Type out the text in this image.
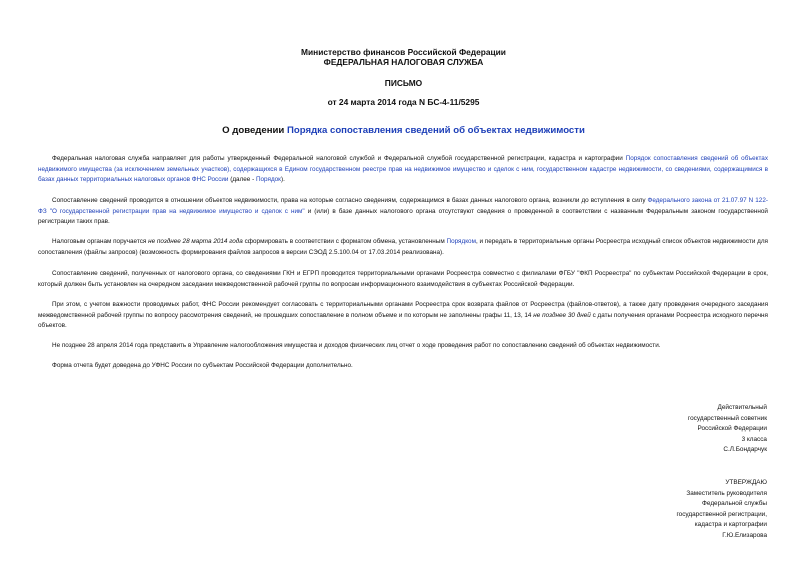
Министерство финансов Российской Федерации
ФЕДЕРАЛЬНАЯ НАЛОГОВАЯ СЛУЖБА
ПИСЬМО
от 24 марта 2014 года N БС-4-11/5295
О доведении Порядка сопоставления сведений об объектах недвижимости

Федеральная налоговая служба направляет для работы утвержденный Федеральной налоговой службой и Федеральной службой государственной регистрации, кадастра и картографии Порядок сопоставления сведений об объектах недвижимого имущества (за исключением земельных участков), содержащихся в Едином государственном реестре прав на недвижимое имущество и сделок с ним, государственном кадастре недвижимости, со сведениями, содержащимися в базах данных территориальных налоговых органов ФНС России (далее - Порядок).

Сопоставление сведений проводится в отношении объектов недвижимости, права на которые согласно сведениям, содержащимся в базах данных налогового органа, возникли до вступления в силу Федерального закона от 21.07.97 N 122-ФЗ "О государственной регистрации прав на недвижимое имущество и сделок с ним" и (или) в базе данных налогового органа отсутствуют сведения о проведенной в соответствии с названным Федеральным законом государственной регистрации таких прав.

Налоговым органам поручается не позднее 28 марта 2014 года сформировать в соответствии с форматом обмена, установленным Порядком, и передать в территориальные органы Росреестра исходный список объектов недвижимости для сопоставления (файлы запросов) (возможность формирования файлов запросов в версии СЭОД 2.5.100.04 от 17.03.2014 реализована).

Сопоставление сведений, полученных от налогового органа, со сведениями ГКН и ЕГРП проводится территориальными органами Росреестра совместно с филиалами ФГБУ "ФКП Росреестра" по субъектам Российской Федерации в срок, который должен быть установлен на очередном заседании межведомственной рабочей группы по вопросам информационного взаимодействия в субъектах Российской Федерации.

При этом, с учетом важности проводимых работ, ФНС России рекомендует согласовать с территориальными органами Росреестра срок возврата файлов от Росреестра (файлов-ответов), а также дату проведения очередного заседания межведомственной рабочей группы по вопросу рассмотрения сведений, не прошедших сопоставление в полном объеме и по которым не заполнены графы 11, 13, 14 не позднее 30 дней с даты получения органами Росреестра исходного перечня объектов.

Не позднее 28 апреля 2014 года представить в Управление налогообложения имущества и доходов физических лиц отчет о ходе проведения работ по сопоставлению сведений об объектах недвижимости.

Форма отчета будет доведена до УФНС России по субъектам Российской Федерации дополнительно.

Действительный
государственный советник
Российской Федерации
3 класса
С.Л.Бондарчук
УТВЕРЖДАЮ
Заместитель руководителя
Федеральной службы
государственной регистрации,
кадастра и картографии
Г.Ю.Елизарова
